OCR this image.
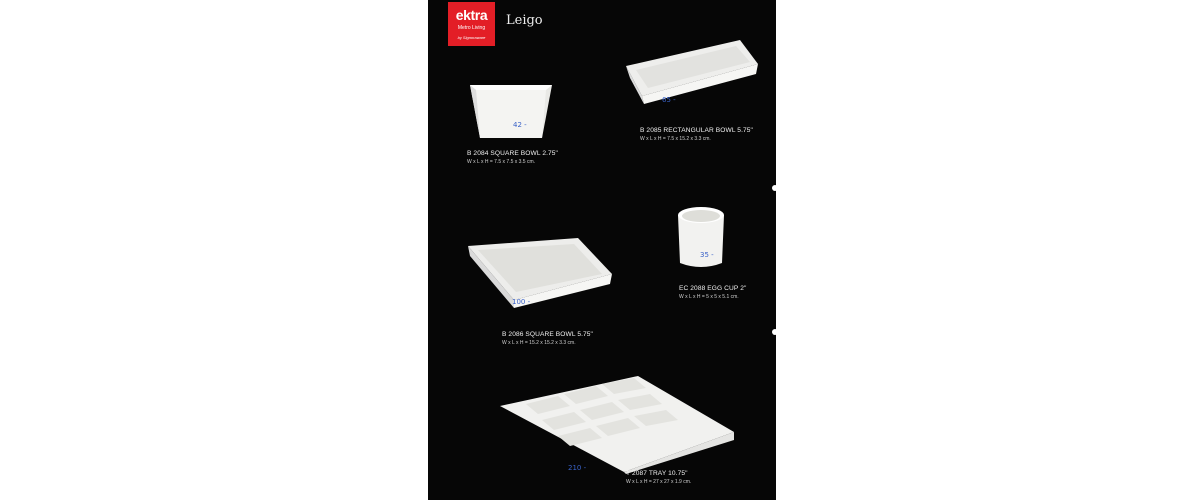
ektra
Metro Living
by Signoraware
Leigo
42 -
B 2084 SQUARE BOWL 2.75"
W x L x H = 7.5 x 7.5 x 3.5 cm.
65 -
B 2085 RECTANGULAR BOWL 5.75"
W x L x H = 7.5 x 15.2 x 3.3 cm.
35 -
EC 2088 EGG CUP 2"
W x L x H = 5 x 5 x 5.1 cm.
100 -
B 2086 SQUARE BOWL 5.75"
W x L x H = 15.2 x 15.2 x 3.3 cm.
210 -
T 2087 TRAY 10.75"
W x L x H = 27 x 27 x 1.9 cm.
